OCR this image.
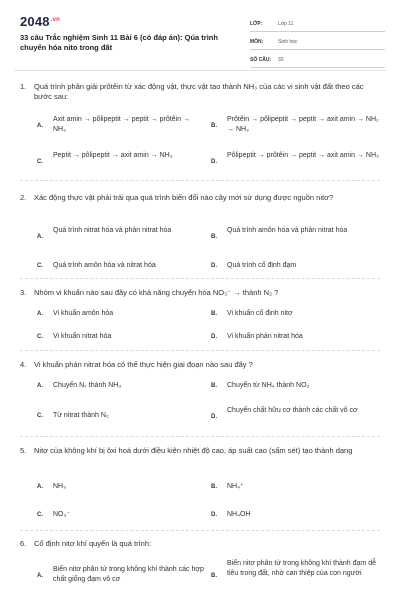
$2048^{.vn}$
33 câu Trắc nghiệm Sinh 11 Bài 6 (có đáp án): Qúa trình chuyển hóa nito trong đất
LỚP:	Lớp 11
MÔN:	Sinh học
SỐ CÂU:	33
1.	Quá trình phân giải prôtêin từ xác động vật, thực vật tạo thành NH₃ của các vi sinh vật đất theo các bước sau:
A.
Axit amin → pôlipeptit → peptit → prôtêin → NH₃	B.
Prôtêin → pôlipeptit → peptit → axit amin → NH₂ → NH₃
C.
Peptit → pôlipeptit → axit amin → NH₃
D.
Pôlipeptit → prôtêin → peptit → axit amin → NH₃
2.	Xác động thực vật phải trải qua quá trình biến đổi nào cây mới sử dụng được nguồn nitơ?
A.
Quá trình nitrat hóa và phản nitrat hóa
B.
Quá trình amôn hóa và phản nitrat hóa
C. Quá trình amôn hóa và nitrat hóa	D. Quá trình cố định đạm
3.	Nhóm vi khuẩn nào sau đây có khả năng chuyển hóa NO₃⁻ → thành N₂ ?
A. Vi khuẩn amôn hóa	B. Vi khuẩn cố định nitơ
C. Vi khuẩn nitrat hóa	D. Vi khuẩn phản nitrat hóa
4.	Vi khuẩn phản nitrat hóa có thể thực hiện giai đoạn nào sau đây ?
A. Chuyển N₂ thành NH₃	B. Chuyển từ NH₄ thành NO₃
C. Từ nitrat thành N₂	D.
Chuyển chất hữu cơ thành các chất vô cơ
5.	Nitơ của không khí bị ôxi hoá dưới điều kiện nhiệt độ cao, áp suất cao (sấm sét) tạo thành dạng
A. NH₃	B. NH₄⁺
C. NO₃⁻	D. NH₄OH
6.	Cố định nitơ khí quyển là quá trình:
A.
Biến nitơ phân tử trong không khí thành các hợp chất giống đạm vô cơ	B.
Biến nitơ phân tử trong không khí thành đạm dễ tiêu trong đất, nhờ can thiệp của con người
